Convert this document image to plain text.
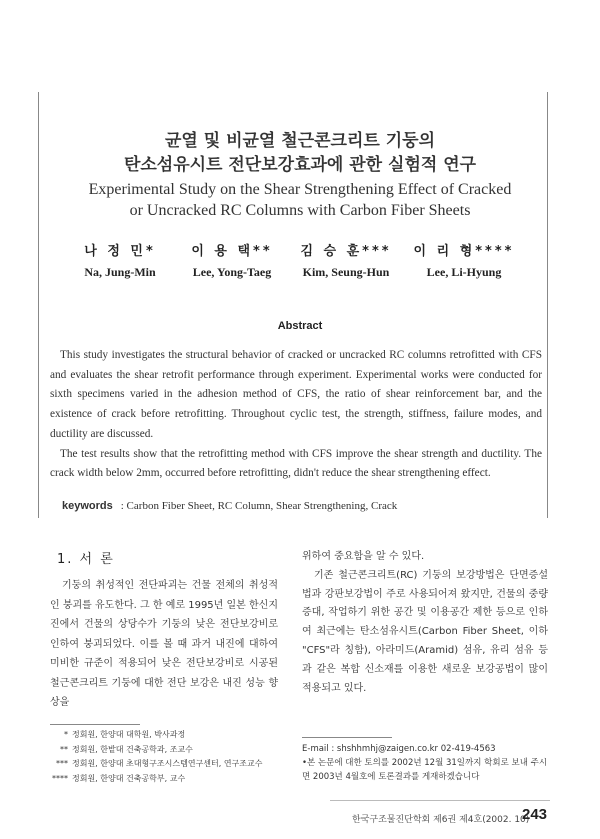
균열 및 비균열 철근콘크리트 기둥의
탄소섬유시트 전단보강효과에 관한 실험적 연구
Experimental Study on the Shear Strengthening Effect of Cracked
or Uncracked RC Columns with Carbon Fiber Sheets
나 정 민*
Na, Jung-Min
이 용 택**
Lee, Yong-Taeg
김 승 훈***
Kim, Seung-Hun
이 리 형****
Lee, Li-Hyung
Abstract

This study investigates the structural behavior of cracked or uncracked RC columns retrofitted with CFS and evaluates the shear retrofit performance through experiment. Experimental works were conducted for sixth specimens varied in the adhesion method of CFS, the ratio of shear reinforcement bar, and the existence of crack before retrofitting. Throughout cyclic test, the strength, stiffness, failure modes, and ductility are discussed.

The test results show that the retrofitting method with CFS improve the shear strength and ductility. The crack width below 2mm, occurred before retrofitting, didn't reduce the shear strengthening effect.

keywords : Carbon Fiber Sheet, RC Column, Shear Strengthening, Crack
1. 서 론

기둥의 취성적인 전단파괴는 건물 전체의 취성적인 붕괴를 유도한다. 그 한 예로 1995년 일본 한신지진에서 건물의 상당수가 기둥의 낮은 전단보강비로 인하여 붕괴되었다. 이를 볼 때 과거 내진에 대하여 미비한 규준이 적용되어 낮은 전단보강비로 시공된 철근콘크리트 기둥에 대한 전단 보강은 내진 성능 향상을

위하여 중요함을 알 수 있다.

기존 철근콘크리트(RC) 기둥의 보강방법은 단면증설법과 강판보강법이 주로 사용되어져 왔지만, 건물의 중량 증대, 작업하기 위한 공간 및 이용공간 제한 등으로 인하여 최근에는 탄소섬유시트(Carbon Fiber Sheet, 이하 "CFS"라 칭함), 아라미드(Aramid) 섬유, 유리 섬유 등과 같은 복합 신소재를 이용한 새로운 보강공법이 많이 적용되고 있다.

* 정회원, 한양대 대학원, 박사과정
** 정회원, 한밭대 건축공학과, 조교수
*** 정회원, 한양대 초대형구조시스템연구센터, 연구조교수
**** 정회원, 한양대 건축공학부, 교수
E-mail : shshhmhj@zaigen.co.kr 02-419-4563
•본 논문에 대한 토의를 2002년 12월 31일까지 학회로 보내 주시면 2003년 4월호에 토론결과를 게재하겠습니다
한국구조물진단학회 제6권 제4호(2002. 10)
243
